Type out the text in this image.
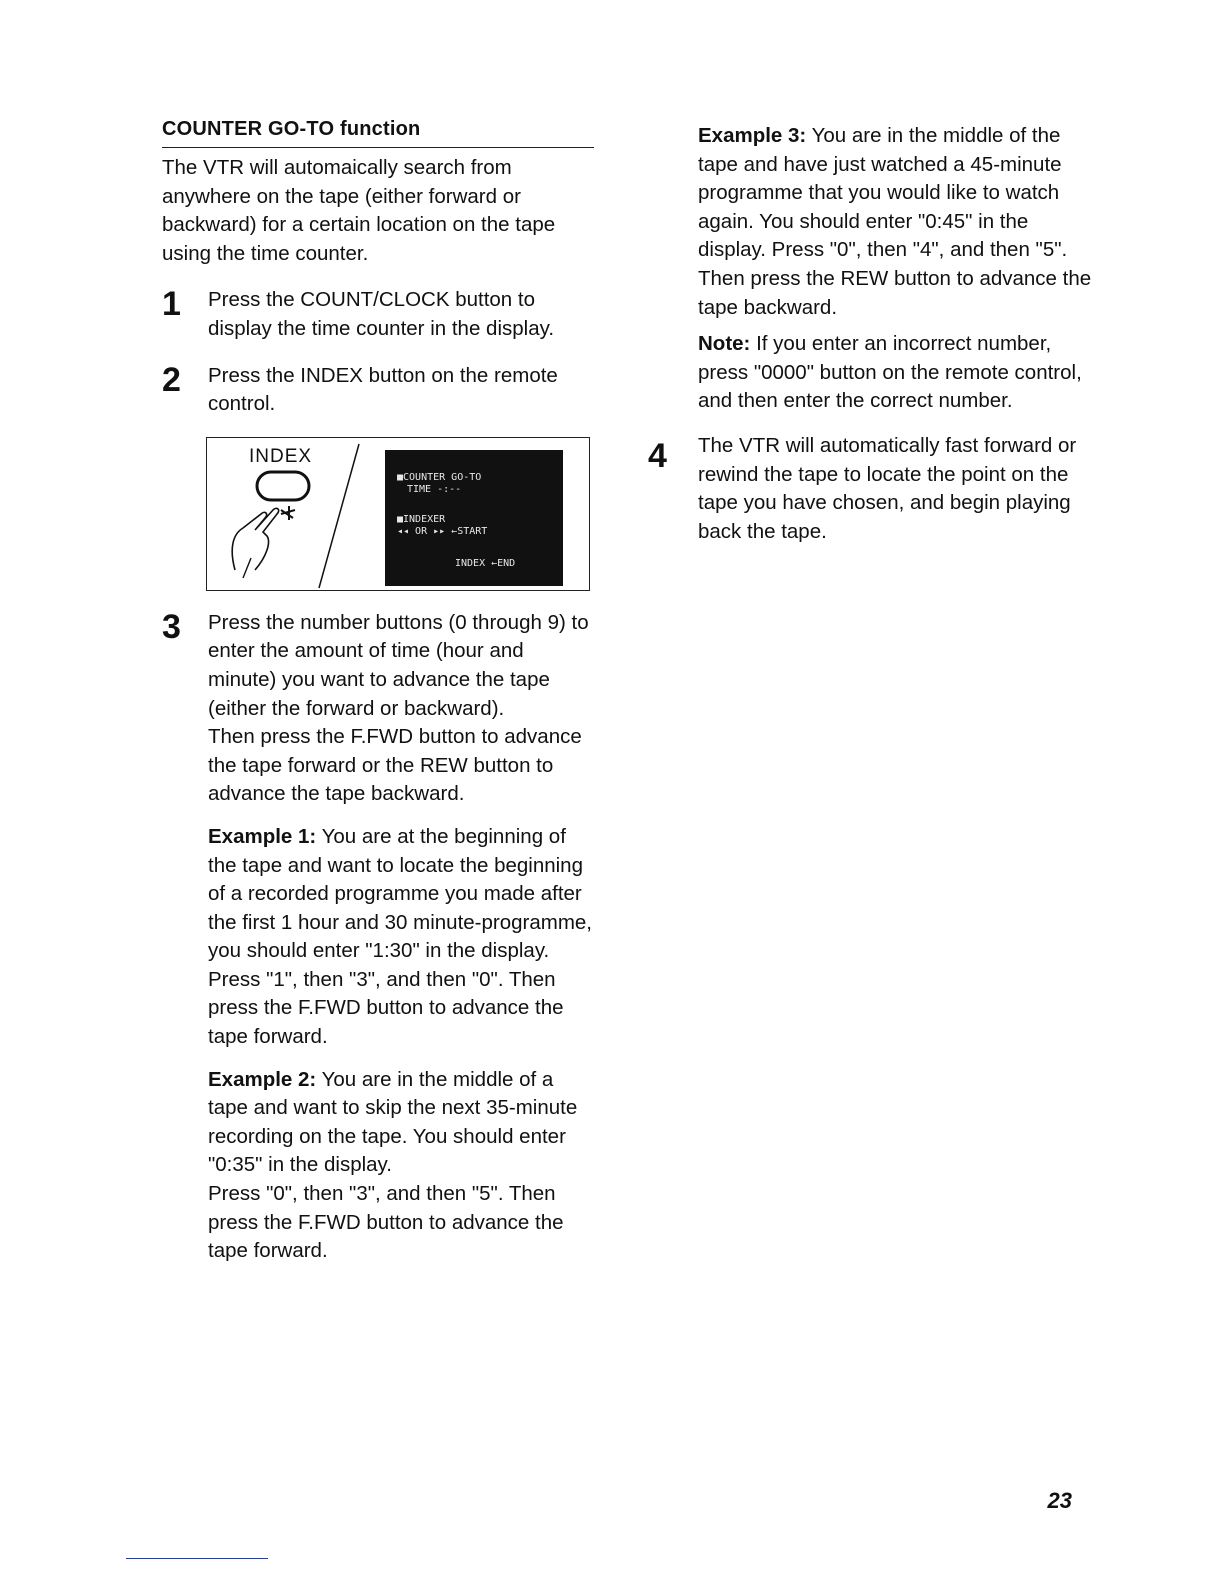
COUNTER GO-TO function

The VTR will automaically search from anywhere on the tape (either forward or backward) for a certain location on the tape using the time counter.

1 Press the COUNT/CLOCK button to display the time counter in the display.

2 Press the INDEX button on the remote control.

INDEX
■COUNTER GO-TO
TIME -:--
■INDEXER
◂◂ OR ▸▸ ←START
INDEX ←END
3 Press the number buttons (0 through 9) to enter the amount of time (hour and minute) you want to advance the tape (either the forward or backward).

Then press the F.FWD button to advance the tape forward or the REW button to advance the tape backward.

Example 1: You are at the beginning of the tape and want to locate the beginning of a recorded programme you made after the first 1 hour and 30 minute-programme, you should enter "1:30" in the display. Press "1", then "3", and then "0". Then press the F.FWD button to advance the tape forward.

Example 2: You are in the middle of a tape and want to skip the next 35-minute recording on the tape. You should enter "0:35" in the display.

Press "0", then "3", and then "5". Then press the F.FWD button to advance the tape forward.

Example 3: You are in the middle of the tape and have just watched a 45-minute programme that you would like to watch again. You should enter "0:45" in the display. Press "0", then "4", and then "5". Then press the REW button to advance the tape backward.

Note: If you enter an incorrect number, press "0000" button on the remote control, and then enter the correct number.

4 The VTR will automatically fast forward or rewind the tape to locate the point on the tape you have chosen, and begin playing back the tape.

23
